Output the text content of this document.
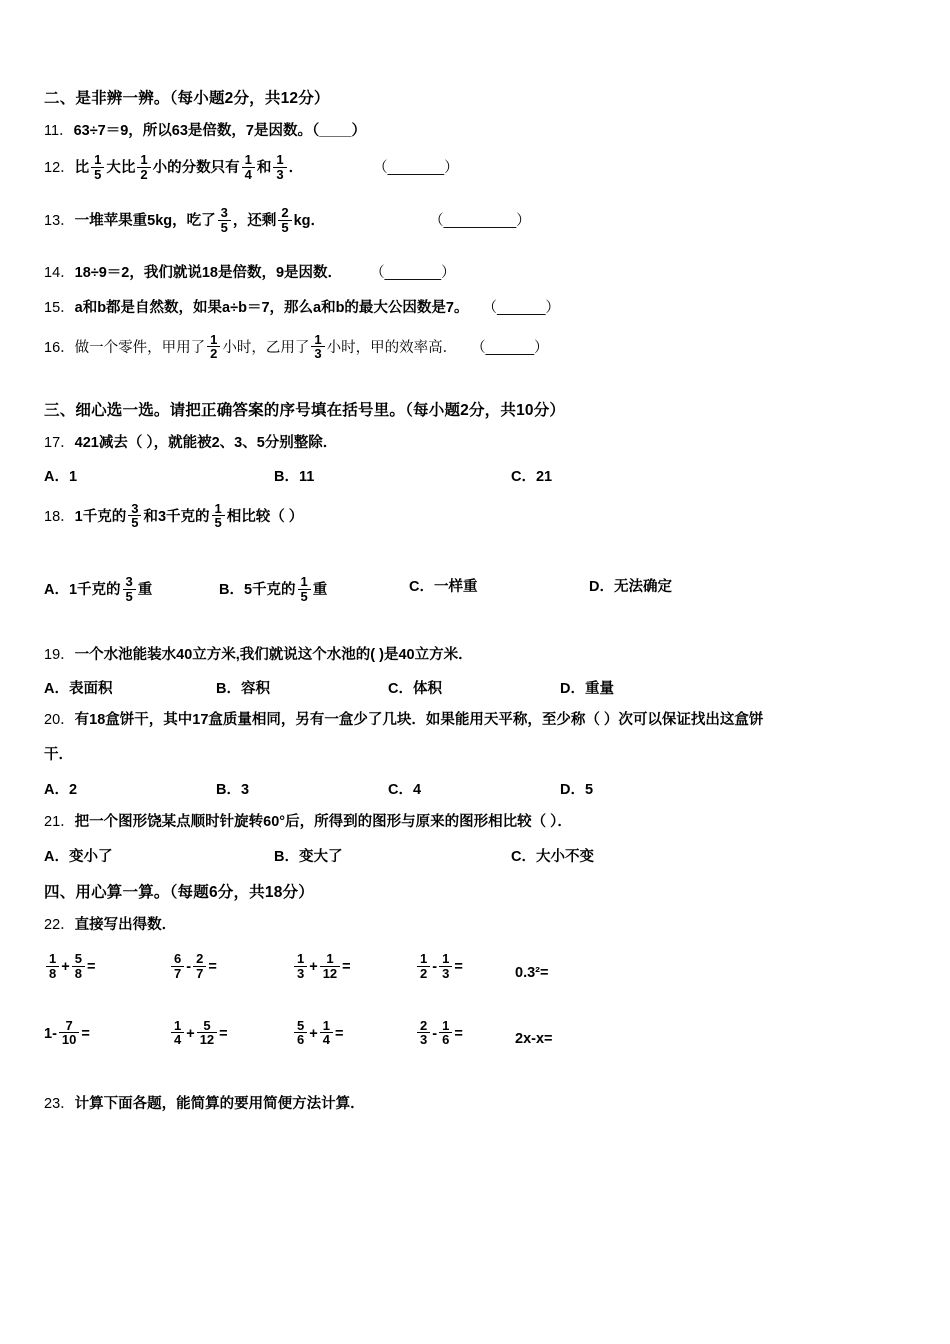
二、是非辨一辨。（每小题2分，共12分）
11．63÷7＝9，所以63是倍数，7是因数。（____）
12．比 $\frac{1}{5}$ 大比 $\frac{1}{2}$ 小的分数只有 $\frac{1}{4}$ 和 $\frac{1}{3}$ ．	（_______）
13．一堆苹果重5kg，吃了 $\frac{3}{5}$ ，还剩 $\frac{2}{5}$ kg．	（_________）
14．18÷9＝2，我们就说18是倍数，9是因数． （_______）
15．a和b都是自然数，如果a÷b＝7，那么a和b的最大公因数是7。 （______）
16．做一个零件，甲用了 $\frac{1}{2}$ 小时，乙用了 $\frac{1}{3}$ 小时，甲的效率高． （______）
三、细心选一选。请把正确答案的序号填在括号里。（每小题2分，共10分）
17．421减去（ ），就能被2、3、5分别整除．
A．1	B．11	C．21
18．1千克的 $\frac{3}{5}$ 和3千克的 $\frac{1}{5}$ 相比较（ ）
A．1千克的 $\frac{3}{5}$ 重	B．5千克的 $\frac{1}{5}$ 重	C．一样重	D．无法确定
19．一个水池能装水40立方米,我们就说这个水池的( )是40立方米．
A．表面积	B．容积	C．体积	D．重量
20．有18盒饼干，其中17盒质量相同，另有一盒少了几块．如果能用天平称，至少称（ ）次可以保证找出这盒饼
干．
A．2	B．3	C．4	D．5
21．把一个图形饶某点顺时针旋转60°后，所得到的图形与原来的图形相比较（ ）．
A．变小了	B．变大了	C．大小不变
四、用心算一算。（每题6分，共18分）
22．直接写出得数．
$\frac{1}{8} + \frac{5}{8}$ =	$\frac{6}{7} - \frac{2}{7}$ =	$\frac{1}{3} + \frac{1}{12}$ =	$\frac{1}{2} - \frac{1}{3}$ =	0.3²=
$1- \frac{7}{10}$ =	$\frac{1}{4} + \frac{5}{12}$ =	$\frac{5}{6} + \frac{1}{4}$ =	$\frac{2}{3} - \frac{1}{6}$ =	2x-x=
23．计算下面各题，能简算的要用简便方法计算．
